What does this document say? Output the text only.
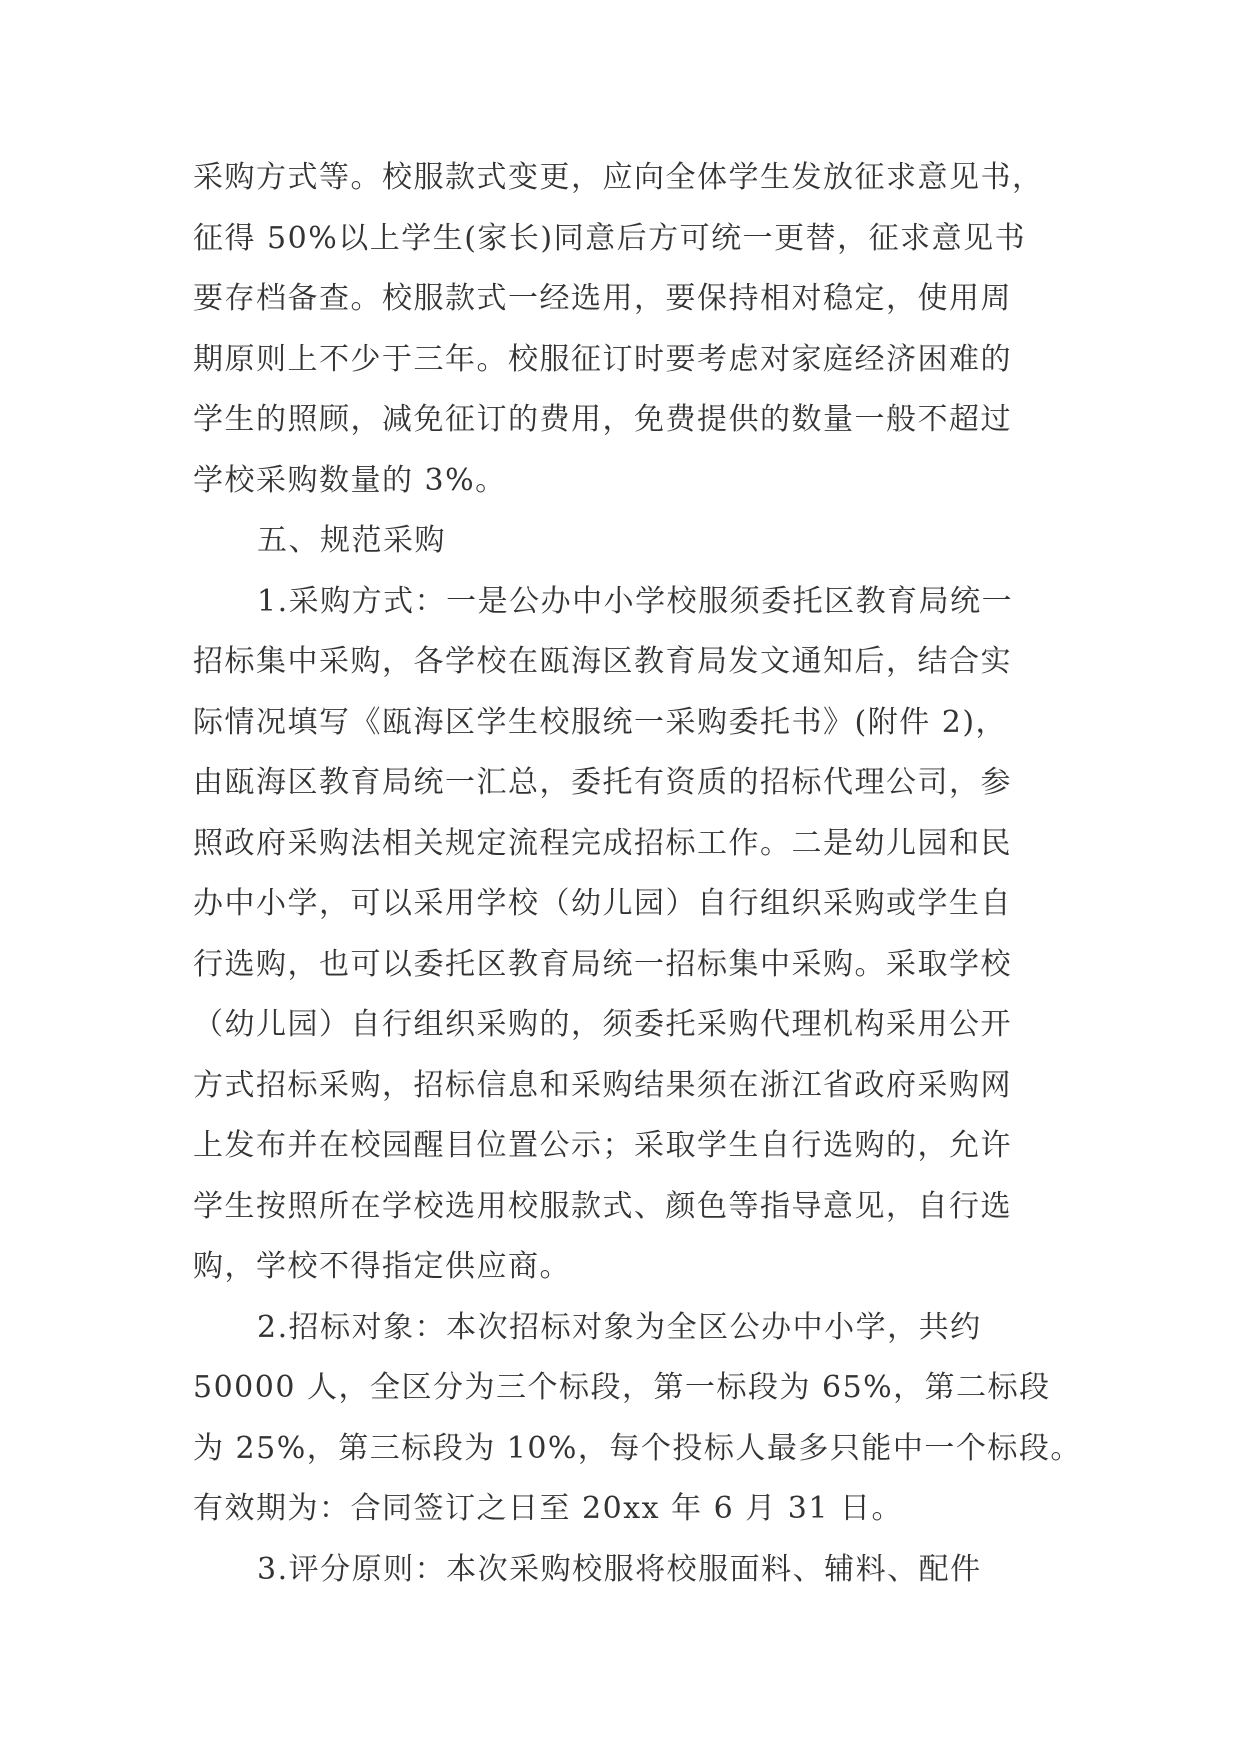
采购方式等。校服款式变更，应向全体学生发放征求意见书，
征得 50%以上学生(家长)同意后方可统一更替，征求意见书
要存档备查。校服款式一经选用，要保持相对稳定，使用周
期原则上不少于三年。校服征订时要考虑对家庭经济困难的
学生的照顾，减免征订的费用，免费提供的数量一般不超过
学校采购数量的 3%。
五、规范采购
1.采购方式：一是公办中小学校服须委托区教育局统一
招标集中采购，各学校在瓯海区教育局发文通知后，结合实
际情况填写《瓯海区学生校服统一采购委托书》(附件 2)，
由瓯海区教育局统一汇总，委托有资质的招标代理公司，参
照政府采购法相关规定流程完成招标工作。二是幼儿园和民
办中小学，可以采用学校（幼儿园）自行组织采购或学生自
行选购，也可以委托区教育局统一招标集中采购。采取学校
（幼儿园）自行组织采购的，须委托采购代理机构采用公开
方式招标采购，招标信息和采购结果须在浙江省政府采购网
上发布并在校园醒目位置公示；采取学生自行选购的，允许
学生按照所在学校选用校服款式、颜色等指导意见，自行选
购，学校不得指定供应商。
2.招标对象：本次招标对象为全区公办中小学，共约
50000 人，全区分为三个标段，第一标段为 65%，第二标段
为 25%，第三标段为 10%，每个投标人最多只能中一个标段。
有效期为：合同签订之日至 20xx 年 6 月 31 日。
3.评分原则：本次采购校服将校服面料、辅料、配件
